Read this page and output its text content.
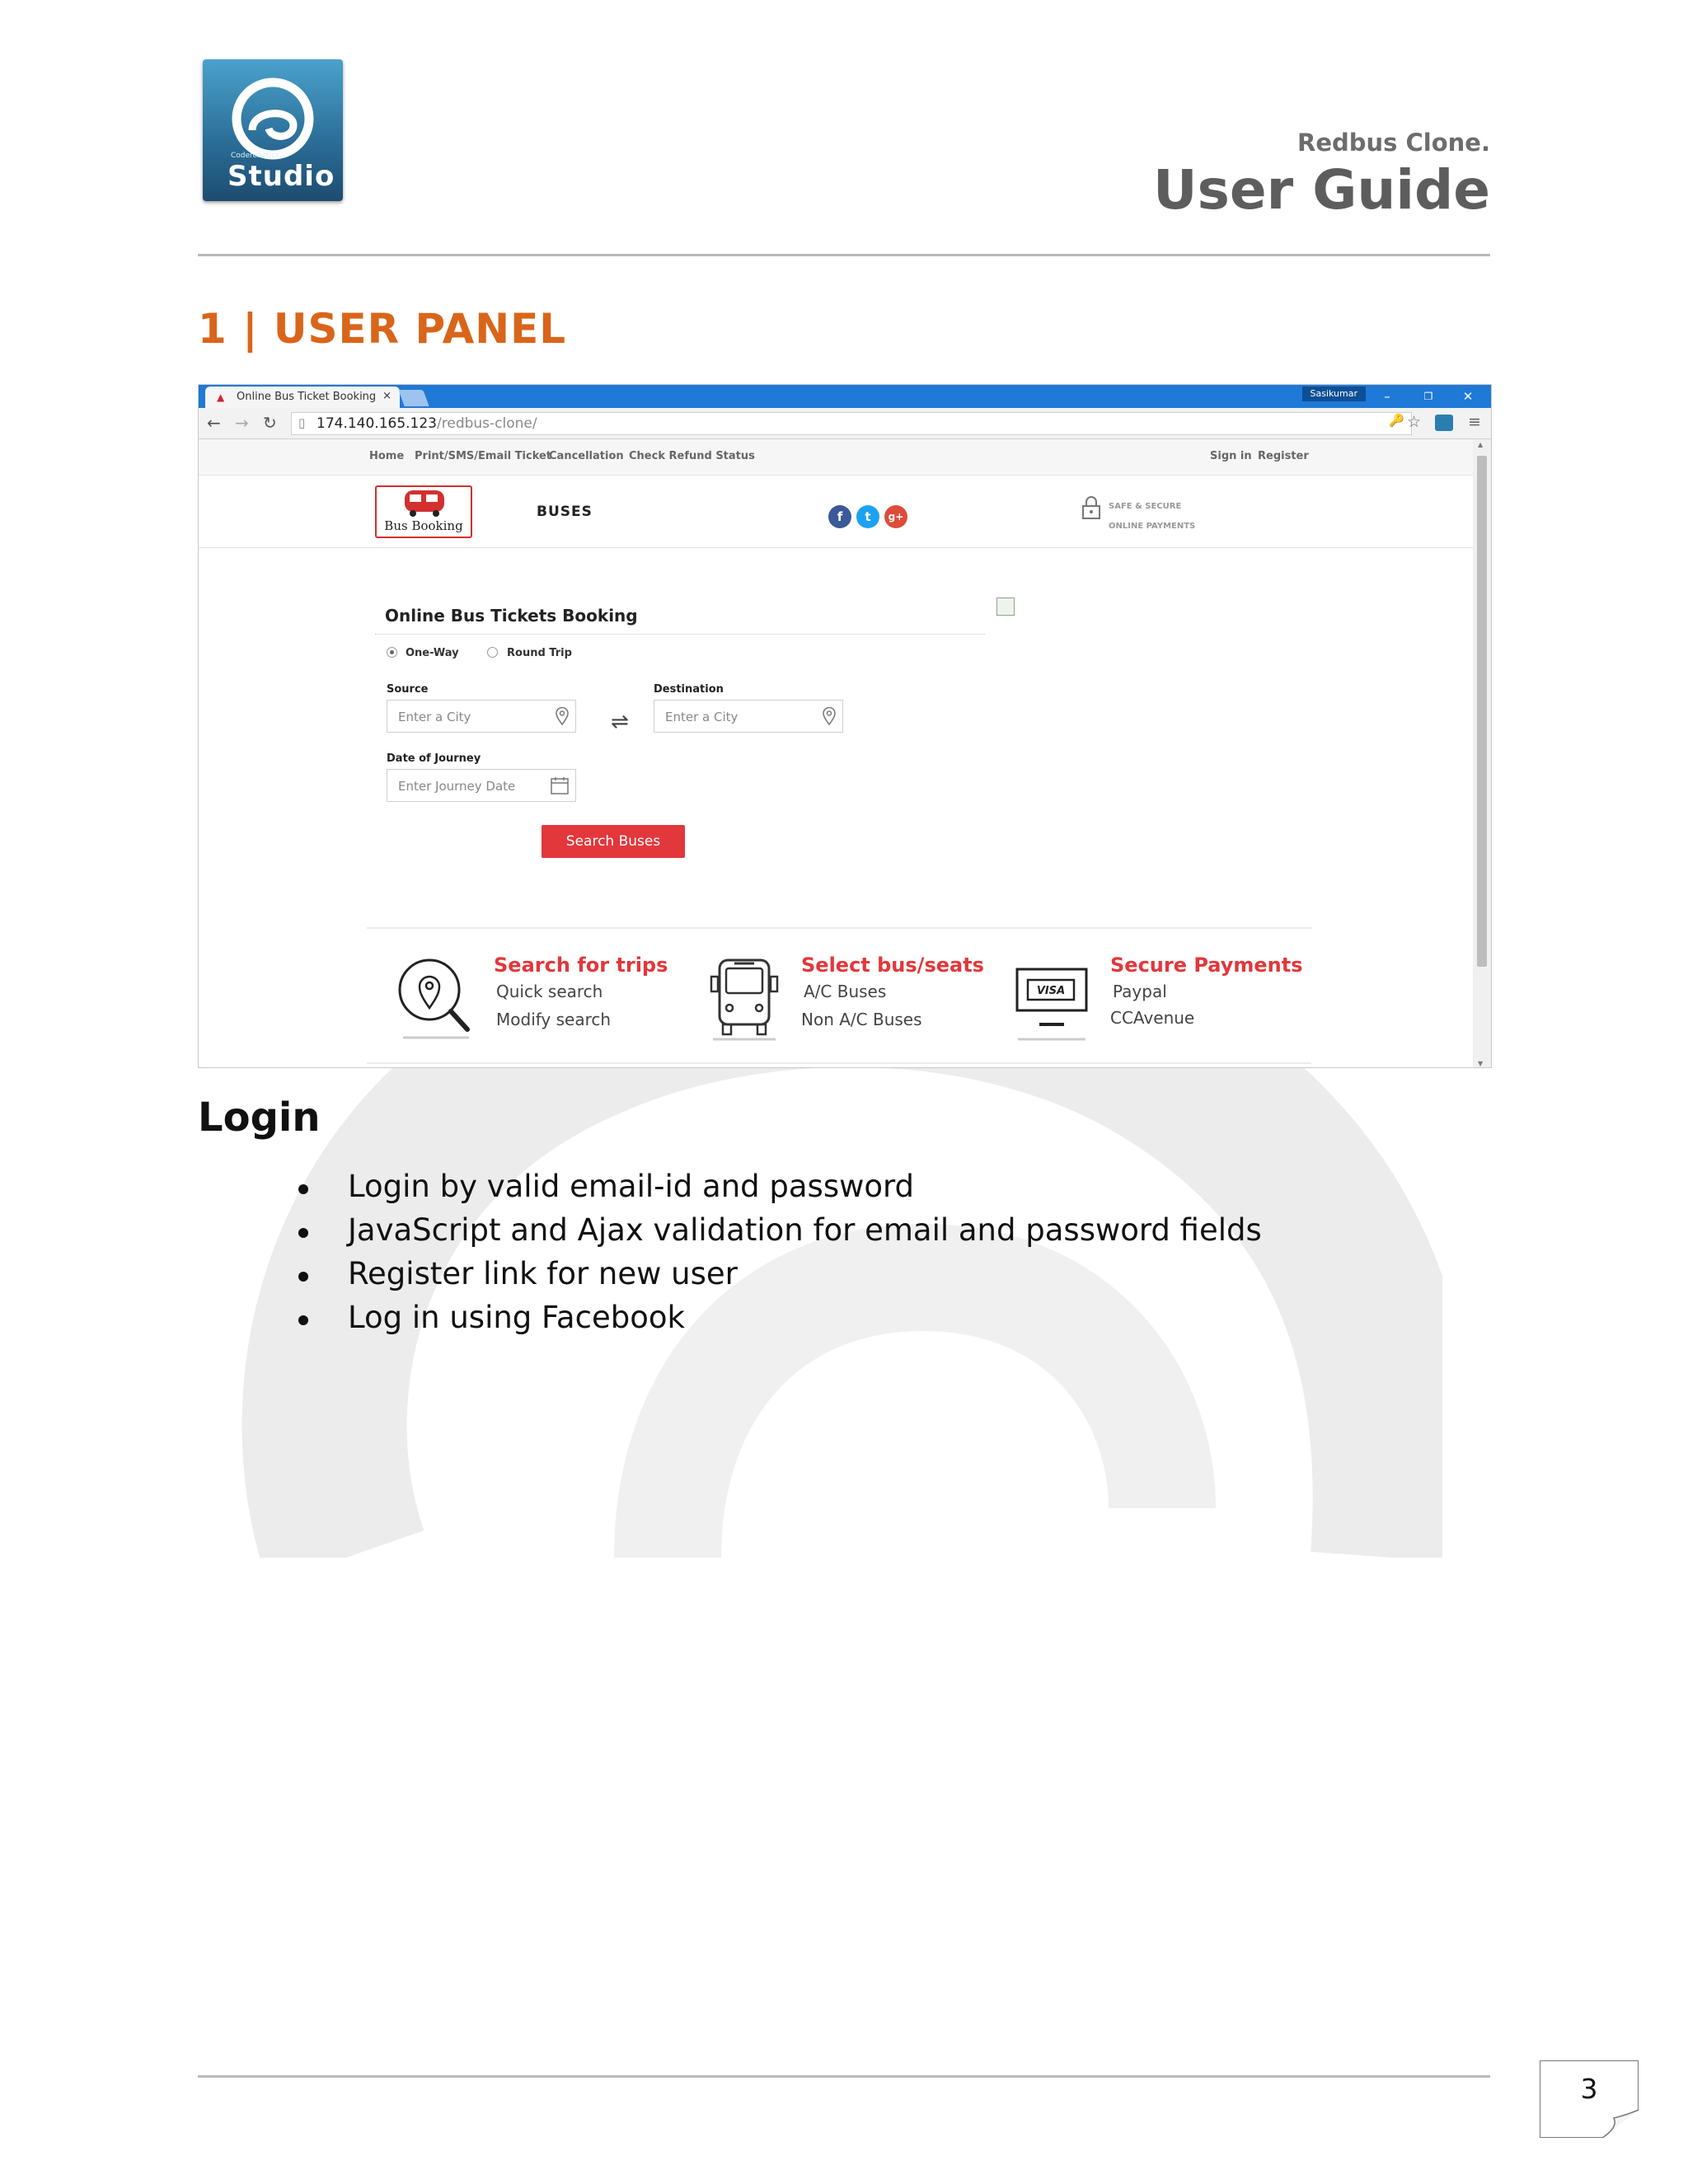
Coderobotics
Studio
Redbus Clone.
User Guide
1 | USER PANEL
▲ Online Bus Ticket Booking ×	Sasikumar	–	❐	✕
← → ↻ ▯ 174.140.165.123/redbus-clone/	🔑 ☆	≡
Home Print/SMS/Email Ticket
Cancellation Check Refund Status	Sign in Register
Bus Booking
BUSES	f	t	g+
SAFE & SECURE
ONLINE PAYMENTS
Online Bus Tickets Booking
One-Way	Round Trip
Source
Enter a City	⇌
Destination
Enter a City
Date of Journey
Enter Journey Date
Search Buses
Search for trips
Quick search
Modify search
Select bus/seats
A/C Buses
Non A/C Buses
VISA
Secure Payments
Paypal
CCAvenue
▲
▼
Login
Login by valid email-id and password
JavaScript and Ajax validation for email and password fields
Register link for new user
Log in using Facebook
3
